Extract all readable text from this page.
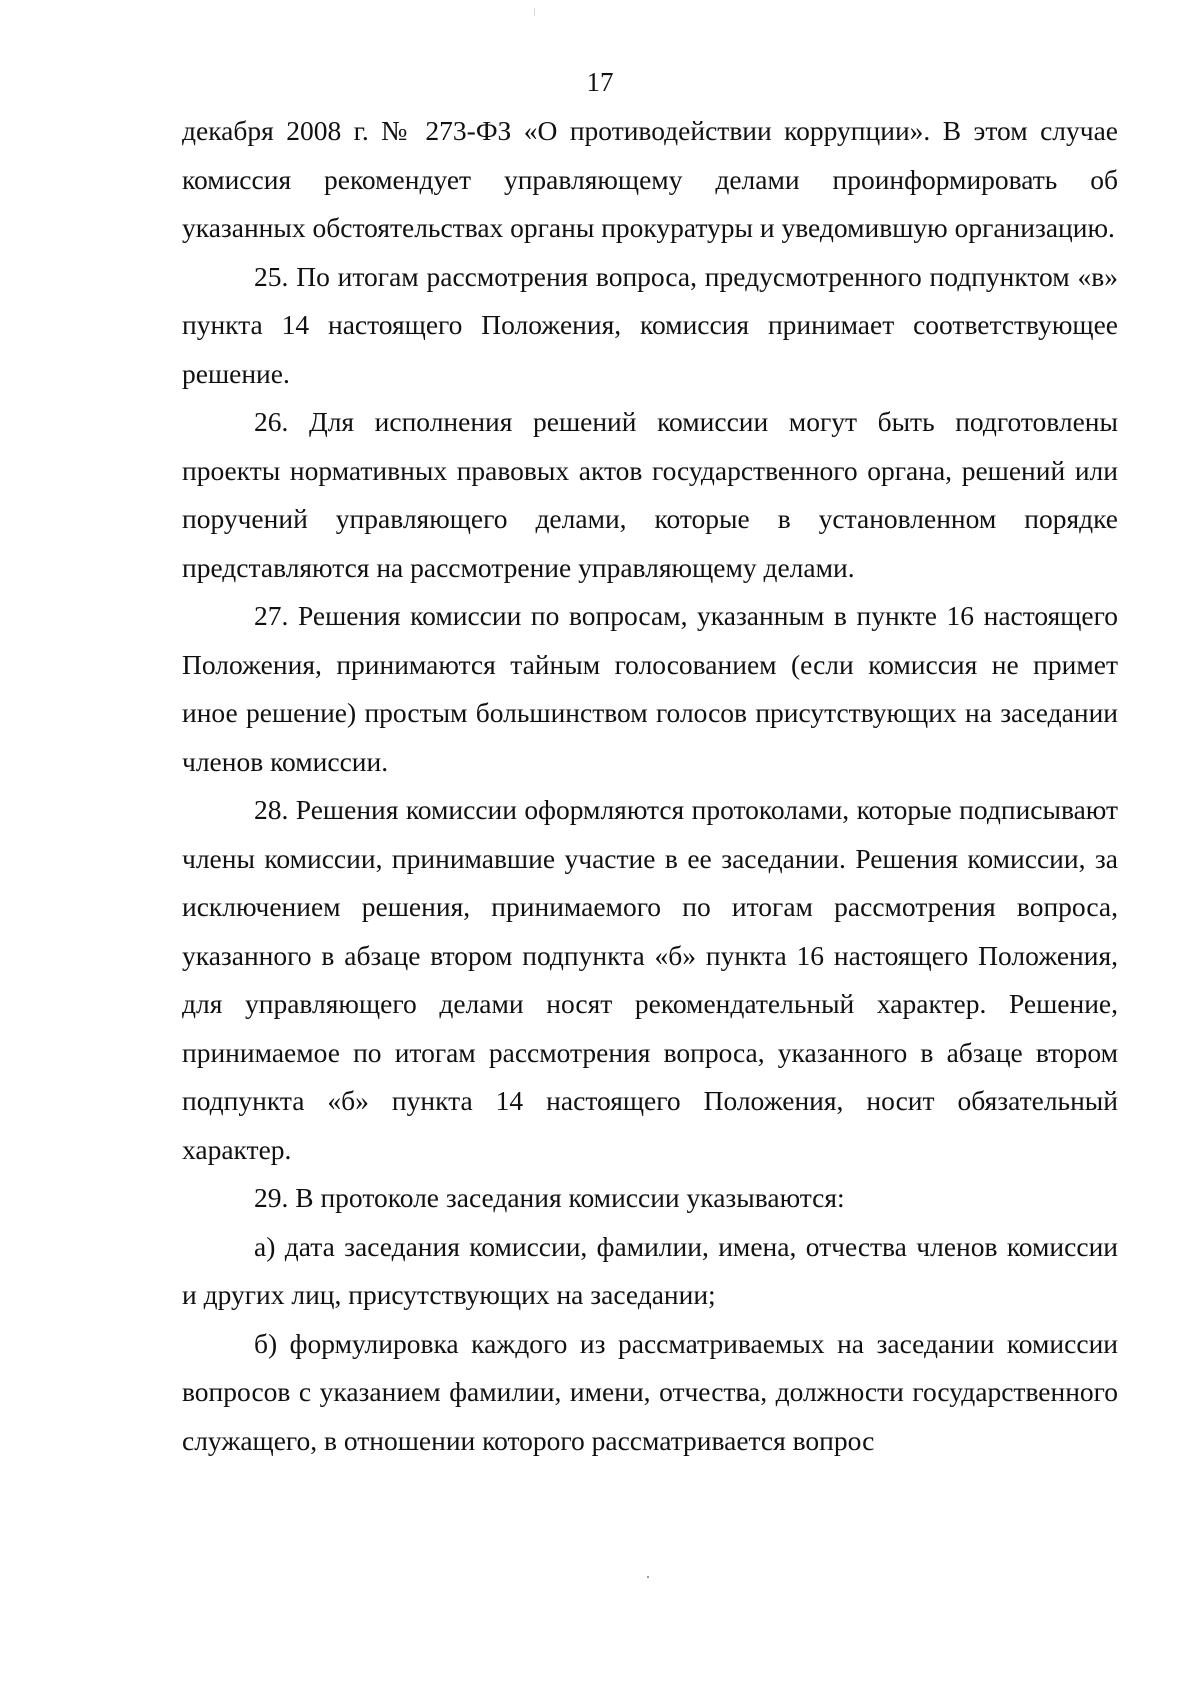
17

декабря 2008 г. № 273-ФЗ «О противодействии коррупции». В этом случае комиссия рекомендует управляющему делами проинформировать об указанных обстоятельствах органы прокуратуры и уведомившую организацию.

25. По итогам рассмотрения вопроса, предусмотренного подпунктом «в» пункта 14 настоящего Положения, комиссия принимает соответствующее решение.

26. Для исполнения решений комиссии могут быть подготовлены проекты нормативных правовых актов государственного органа, решений или поручений управляющего делами, которые в установленном порядке представляются на рассмотрение управляющему делами.

27. Решения комиссии по вопросам, указанным в пункте 16 настоящего Положения, принимаются тайным голосованием (если комиссия не примет иное решение) простым большинством голосов присутствующих на заседании членов комиссии.

28. Решения комиссии оформляются протоколами, которые подписывают члены комиссии, принимавшие участие в ее заседании. Решения комиссии, за исключением решения, принимаемого по итогам рассмотрения вопроса, указанного в абзаце втором подпункта «б» пункта 16 настоящего Положения, для управляющего делами носят рекомендательный характер. Решение, принимаемое по итогам рассмотрения вопроса, указанного в абзаце втором подпункта «б» пункта 14 настоящего Положения, носит обязательный характер.

29. В протоколе заседания комиссии указываются:

а) дата заседания комиссии, фамилии, имена, отчества членов комиссии и других лиц, присутствующих на заседании;

б) формулировка каждого из рассматриваемых на заседании комиссии вопросов с указанием фамилии, имени, отчества, должности государственного служащего, в отношении которого рассматривается вопрос
